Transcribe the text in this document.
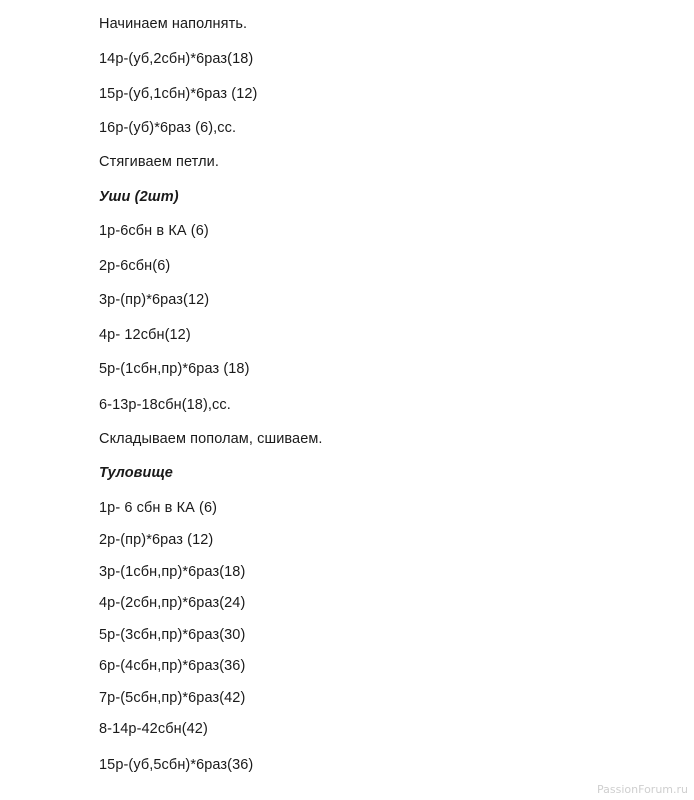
Начинаем наполнять.
14р-(уб,2сбн)*6раз(18)
15р-(уб,1сбн)*6раз (12)
16р-(уб)*6раз (6),сс.
Стягиваем петли.
Уши (2шт)
1р-6сбн в КА (6)
2р-6сбн(6)
3р-(пр)*6раз(12)
4р- 12сбн(12)
5р-(1сбн,пр)*6раз (18)
6-13р-18сбн(18),сс.
Складываем пополам, сшиваем.
Туловище
1р- 6 сбн в КА (6)
2р-(пр)*6раз (12)
3р-(1сбн,пр)*6раз(18)
4р-(2сбн,пр)*6раз(24)
5р-(3сбн,пр)*6раз(30)
6р-(4сбн,пр)*6раз(36)
7р-(5сбн,пр)*6раз(42)
8-14р-42сбн(42)
15р-(уб,5сбн)*6раз(36)
PassionForum.ru
